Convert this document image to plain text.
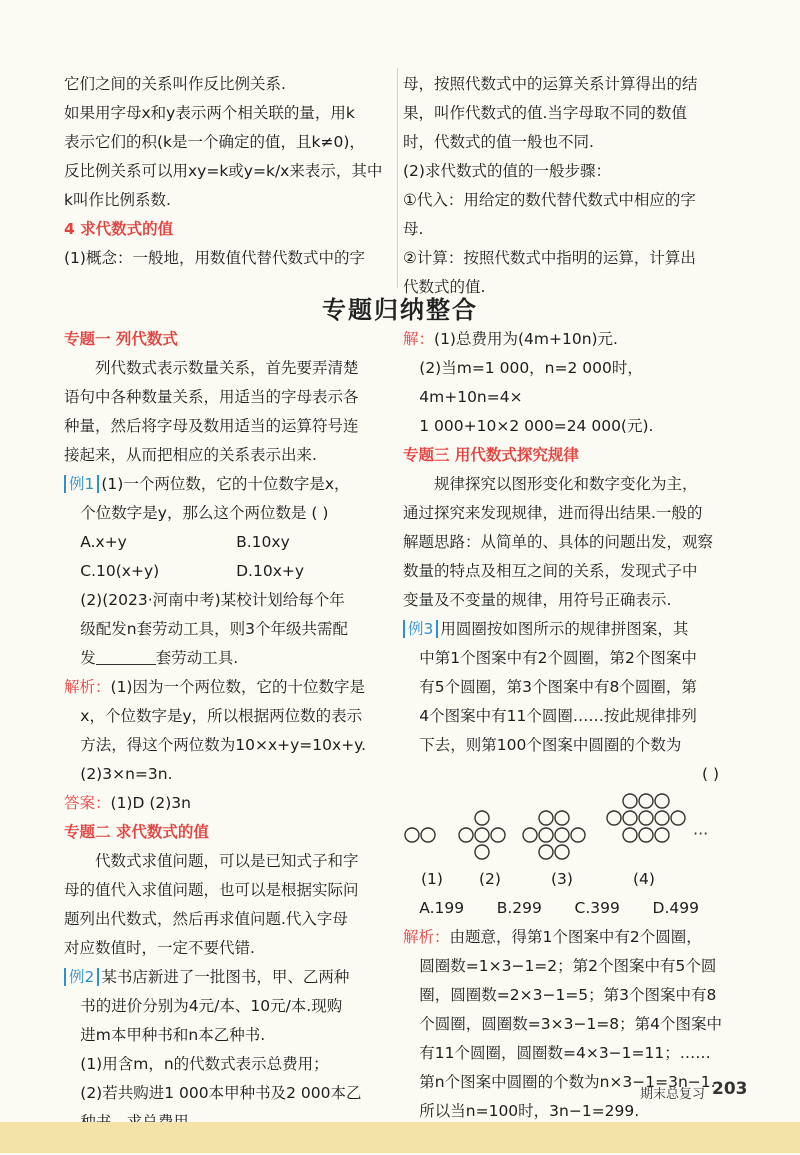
它们之间的关系叫作反比例关系.

如果用字母x和y表示两个相关联的量，用k

表示它们的积(k是一个确定的值，且k≠0)，

反比例关系可以用xy=k或y=k/x来表示，其中

k叫作比例系数.

4 求代数式的值

(1)概念：一般地，用数值代替代数式中的字

母，按照代数式中的运算关系计算得出的结

果，叫作代数式的值.当字母取不同的数值

时，代数式的值一般也不同.

(2)求代数式的值的一般步骤：

①代入：用给定的数代替代数式中相应的字

母.

②计算：按照代数式中指明的运算，计算出

代数式的值.

专题归纳整合

专题一 列代数式

列代数式表示数量关系，首先要弄清楚

语句中各种数量关系，用适当的字母表示各

种量，然后将字母及数用适当的运算符号连

接起来，从而把相应的关系表示出来.

例1 (1)一个两位数，它的十位数字是x，

个位数字是y，那么这个两位数是 ( )

A.x+y	B.10xy
C.10(x+y)	D.10x+y

(2)(2023·河南中考)某校计划给每个年

级配发n套劳动工具，则3个年级共需配

发	套劳动工具.

解析：(1)因为一个两位数，它的十位数字是

x，个位数字是y，所以根据两位数的表示

方法，得这个两位数为10×x+y=10x+y.

(2)3×n=3n.

答案：(1)D (2)3n

专题二 求代数式的值

代数式求值问题，可以是已知式子和字

母的值代入求值问题，也可以是根据实际问

题列出代数式，然后再求值问题.代入字母

对应数值时，一定不要代错.

例2 某书店新进了一批图书，甲、乙两种

书的进价分别为4元/本、10元/本.现购

进m本甲种书和n本乙种书.

(1)用含m，n的代数式表示总费用；

(2)若共购进1 000本甲种书及2 000本乙

解：(1)总费用为(4m+10n)元.

(2)当m=1 000，n=2 000时，4m+10n=4×

1 000+10×2 000=24 000(元).

专题三 用代数式探究规律

规律探究以图形变化和数字变化为主，

通过探究来发现规律，进而得出结果.一般的

解题思路：从简单的、具体的问题出发，观察

数量的特点及相互之间的关系，发现式子中

变量及不变量的规律，用符号正确表示.

例3 用圆圈按如图所示的规律拼图案，其

中第1个图案中有2个圆圈，第2个图案中

有5个圆圈，第3个图案中有8个圆圈，第

4个图案中有11个圆圈……按此规律排列

下去，则第100个图案中圆圈的个数为

( )

···
(1)	(2)	(3)	(4)
A.199 B.299 C.399 D.499

解析：由题意，得第1个图案中有2个圆圈，

圆圈数=1×3−1=2；第2个图案中有5个圆

圈，圆圈数=2×3−1=5；第3个图案中有8

个圆圈，圆圈数=3×3−1=8；第4个图案中

有11个圆圈，圆圈数=4×3−1=11；……

第n个图案中圆圈的个数为n×3−1=3n−1.

所以当n=100时，3n−1=299.

期末总复习 203
